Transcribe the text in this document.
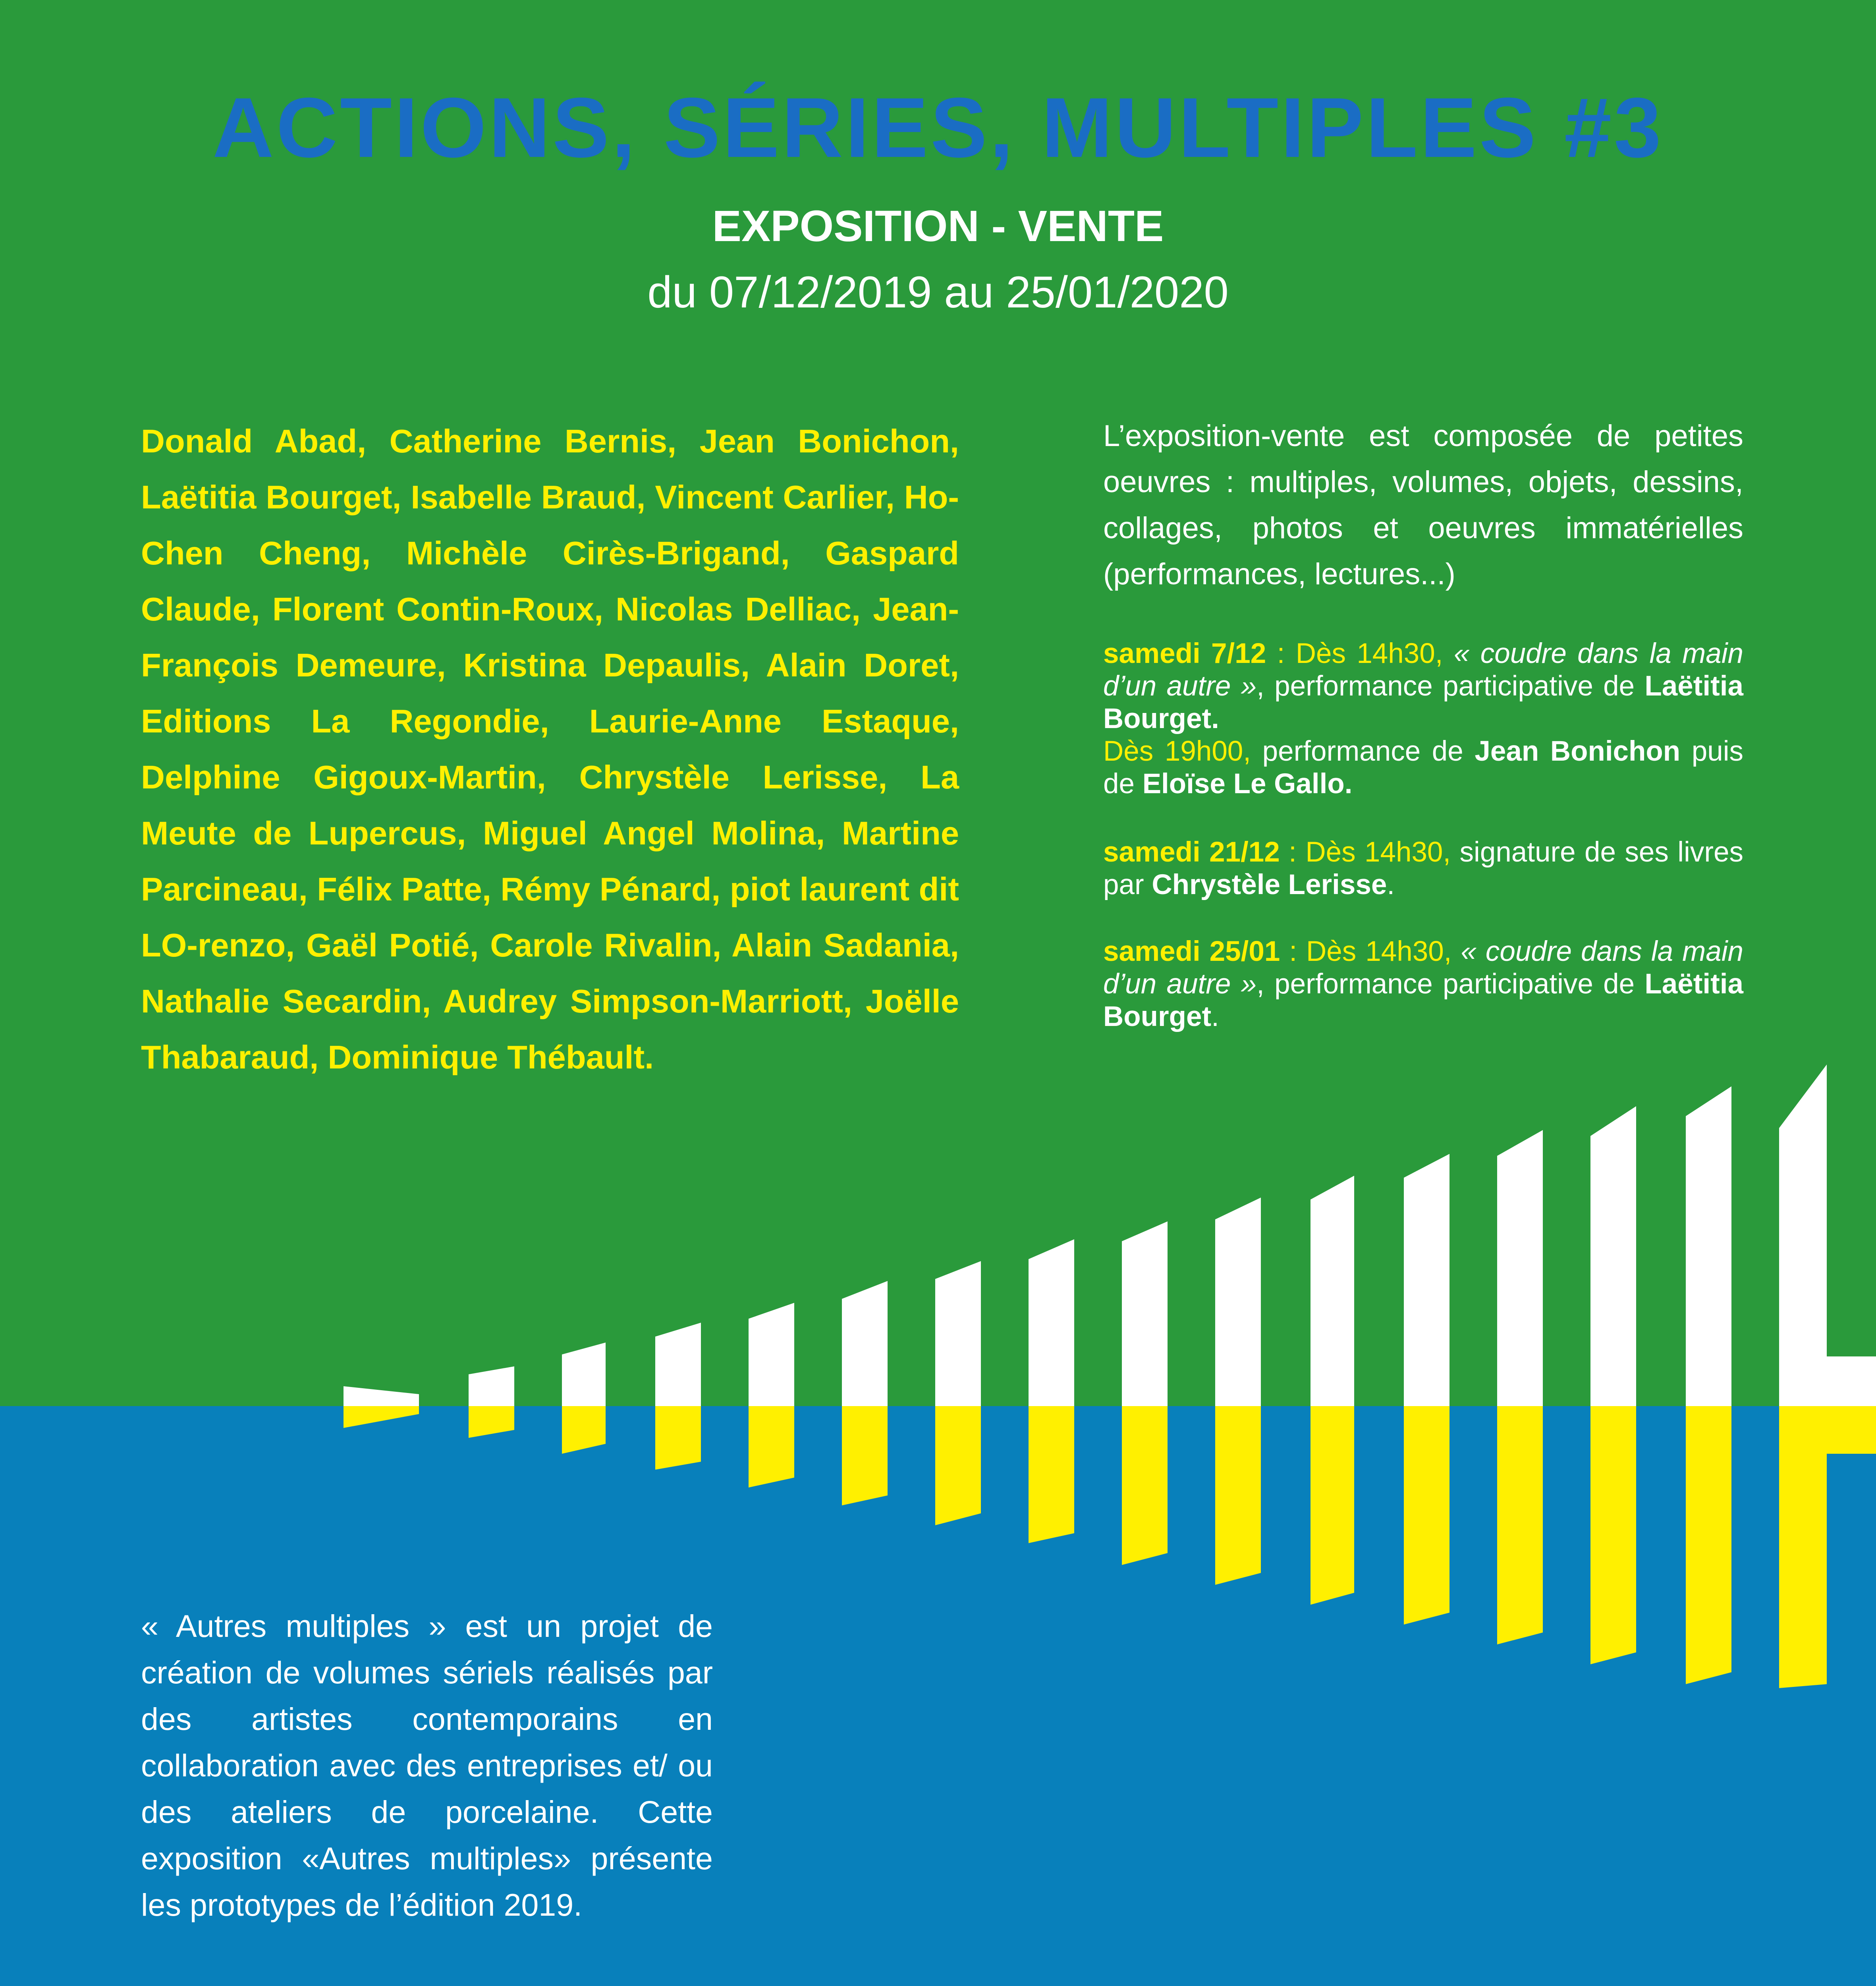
ACTIONS, SÉRIES, MULTIPLES #3
EXPOSITION - VENTE
du 07/12/2019 au 25/01/2020
Donald Abad, Catherine Bernis, Jean Bonichon, Laëtitia Bourget, Isabelle Braud, Vincent Carlier, Ho-Chen Cheng, Michèle Cirès-Brigand, Gaspard Claude, Florent Contin-Roux, Nicolas Delliac, Jean-François Demeure, Kristina Depaulis, Alain Doret, Editions La Regondie, Laurie-Anne Estaque, Delphine Gigoux-Martin, Chrystèle Lerisse, La Meute de Lupercus, Miguel Angel Molina, Martine Parcineau, Félix Patte, Rémy Pénard, piot laurent dit LO-renzo, Gaël Potié, Carole Rivalin, Alain Sadania, Nathalie Secardin, Audrey Simpson-Marriott, Joëlle Thabaraud, Dominique Thébault.
L’exposition-vente est composée de petites oeuvres : multiples, volumes, objets, dessins, collages, photos et oeuvres immatérielles (performances, lectures...)
samedi 7/12 : Dès 14h30, « coudre dans la main d’un autre », performance participative de Laëtitia Bourget.
Dès 19h00, performance de Jean Bonichon puis de Eloïse Le Gallo.
samedi 21/12 : Dès 14h30, signature de ses livres par Chrystèle Lerisse.
samedi 25/01 : Dès 14h30, « coudre dans la main d’un autre », performance participative de Laëtitia Bourget.
« Autres multiples » est un projet de création de volumes sériels réalisés par des artistes contemporains en collaboration avec des entreprises et/ ou des ateliers de porcelaine. Cette exposition «Autres multiples» présente les prototypes de l’édition 2019.
